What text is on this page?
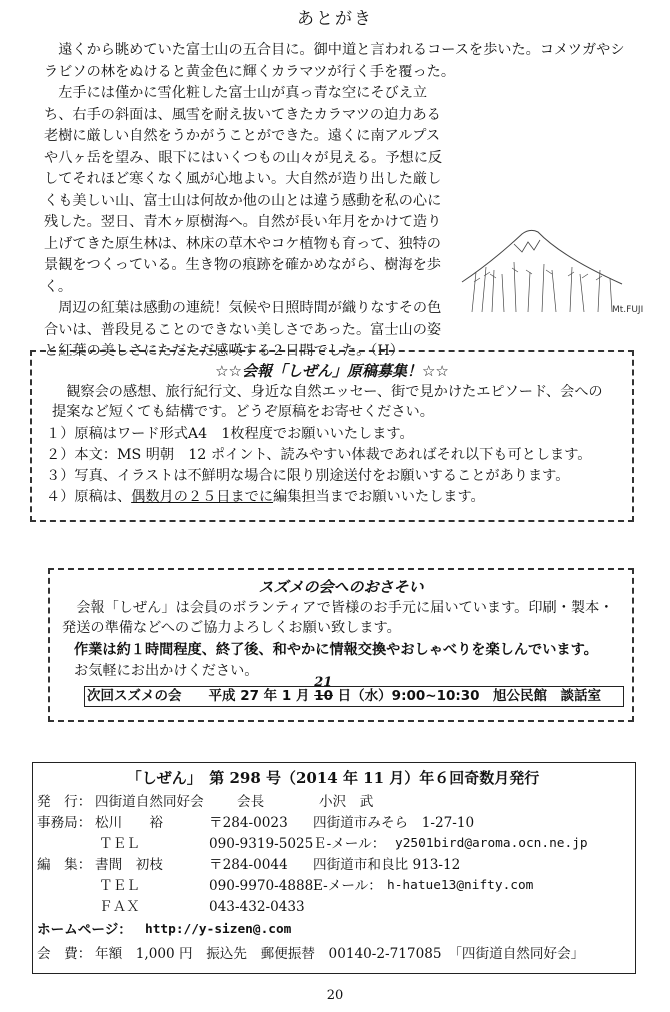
あとがき

遠くから眺めていた富士山の五合目に。御中道と言われるコースを歩いた。コメツガやシラビソの林をぬけると黄金色に輝くカラマツが行く手を覆った。

左手には僅かに雪化粧した富士山が真っ青な空にそびえ立ち、右手の斜面は、風雪を耐え抜いてきたカラマツの迫力ある老樹に厳しい自然をうかがうことができた。遠くに南アルプスや八ヶ岳を望み、眼下にはいくつもの山々が見える。予想に反してそれほど寒くなく風が心地よい。大自然が造り出した厳しくも美しい山、富士山は何故か他の山とは違う感動を私の心に残した。翌日、青木ヶ原樹海へ。自然が長い年月をかけて造り上げてきた原生林は、林床の草木やコケ植物も育って、独特の景観をつくっている。生き物の痕跡を確かめながら、樹海を歩く。

周辺の紅葉は感動の連続！気候や日照時間が織りなすその色合いは、普段見ることのできない美しさであった。富士山の姿と紅葉の美しさにただただ感嘆する２日間でした。（H）

Mt.FUJI
☆☆会報「しぜん」原稿募集！☆☆
観察会の感想、旅行紀行文、身近な自然エッセー、街で見かけたエピソード、会への提案など短くても結構です。どうぞ原稿をお寄せください。
１）原稿はワード形式A4　1枚程度でお願いいたします。
２）本文：MS 明朝　12 ポイント、読みやすい体裁であればそれ以下も可とします。
３）写真、イラストは不鮮明な場合に限り別途送付をお願いすることがあります。
４）原稿は、偶数月の２５日までに編集担当までお願いいたします。
スズメの会へのおさそい
会報「しぜん」は会員のボランティアで皆様のお手元に届いています。印刷・製本・発送の準備などへのご協力よろしくお願い致します。
作業は約１時間程度、終了後、和やかに情報交換やおしゃべりを楽しんでいます。
お気軽にお出かけください。
次回スズメの会　　平成 27 年 1 月 10
21
日（水）9:00~10:30　旭公民館　談話室
「しぜん」　第 298 号（2014 年 11 月）年６回奇数月発行
発　行： 四街道自然同好会 会長	小沢　武
事務局： 松川　　裕	〒284-0023 四街道市みそら　1-27-10
ＴＥＬ	090-9319-5025 Ｅ-メール： y2501bird@aroma.ocn.ne.jp
編　集： 書間　初枝	〒284-0044 四街道市和良比 913-12
ＴＥＬ	090-9970-4888 E-メール： h-hatue13@nifty.com
ＦＡＸ	043-432-0433
ホームページ： http://y-sizen@.com
会　費： 年額　1,000 円　振込先　郵便振替　00140-2-717085　「四街道自然同好会」
20
